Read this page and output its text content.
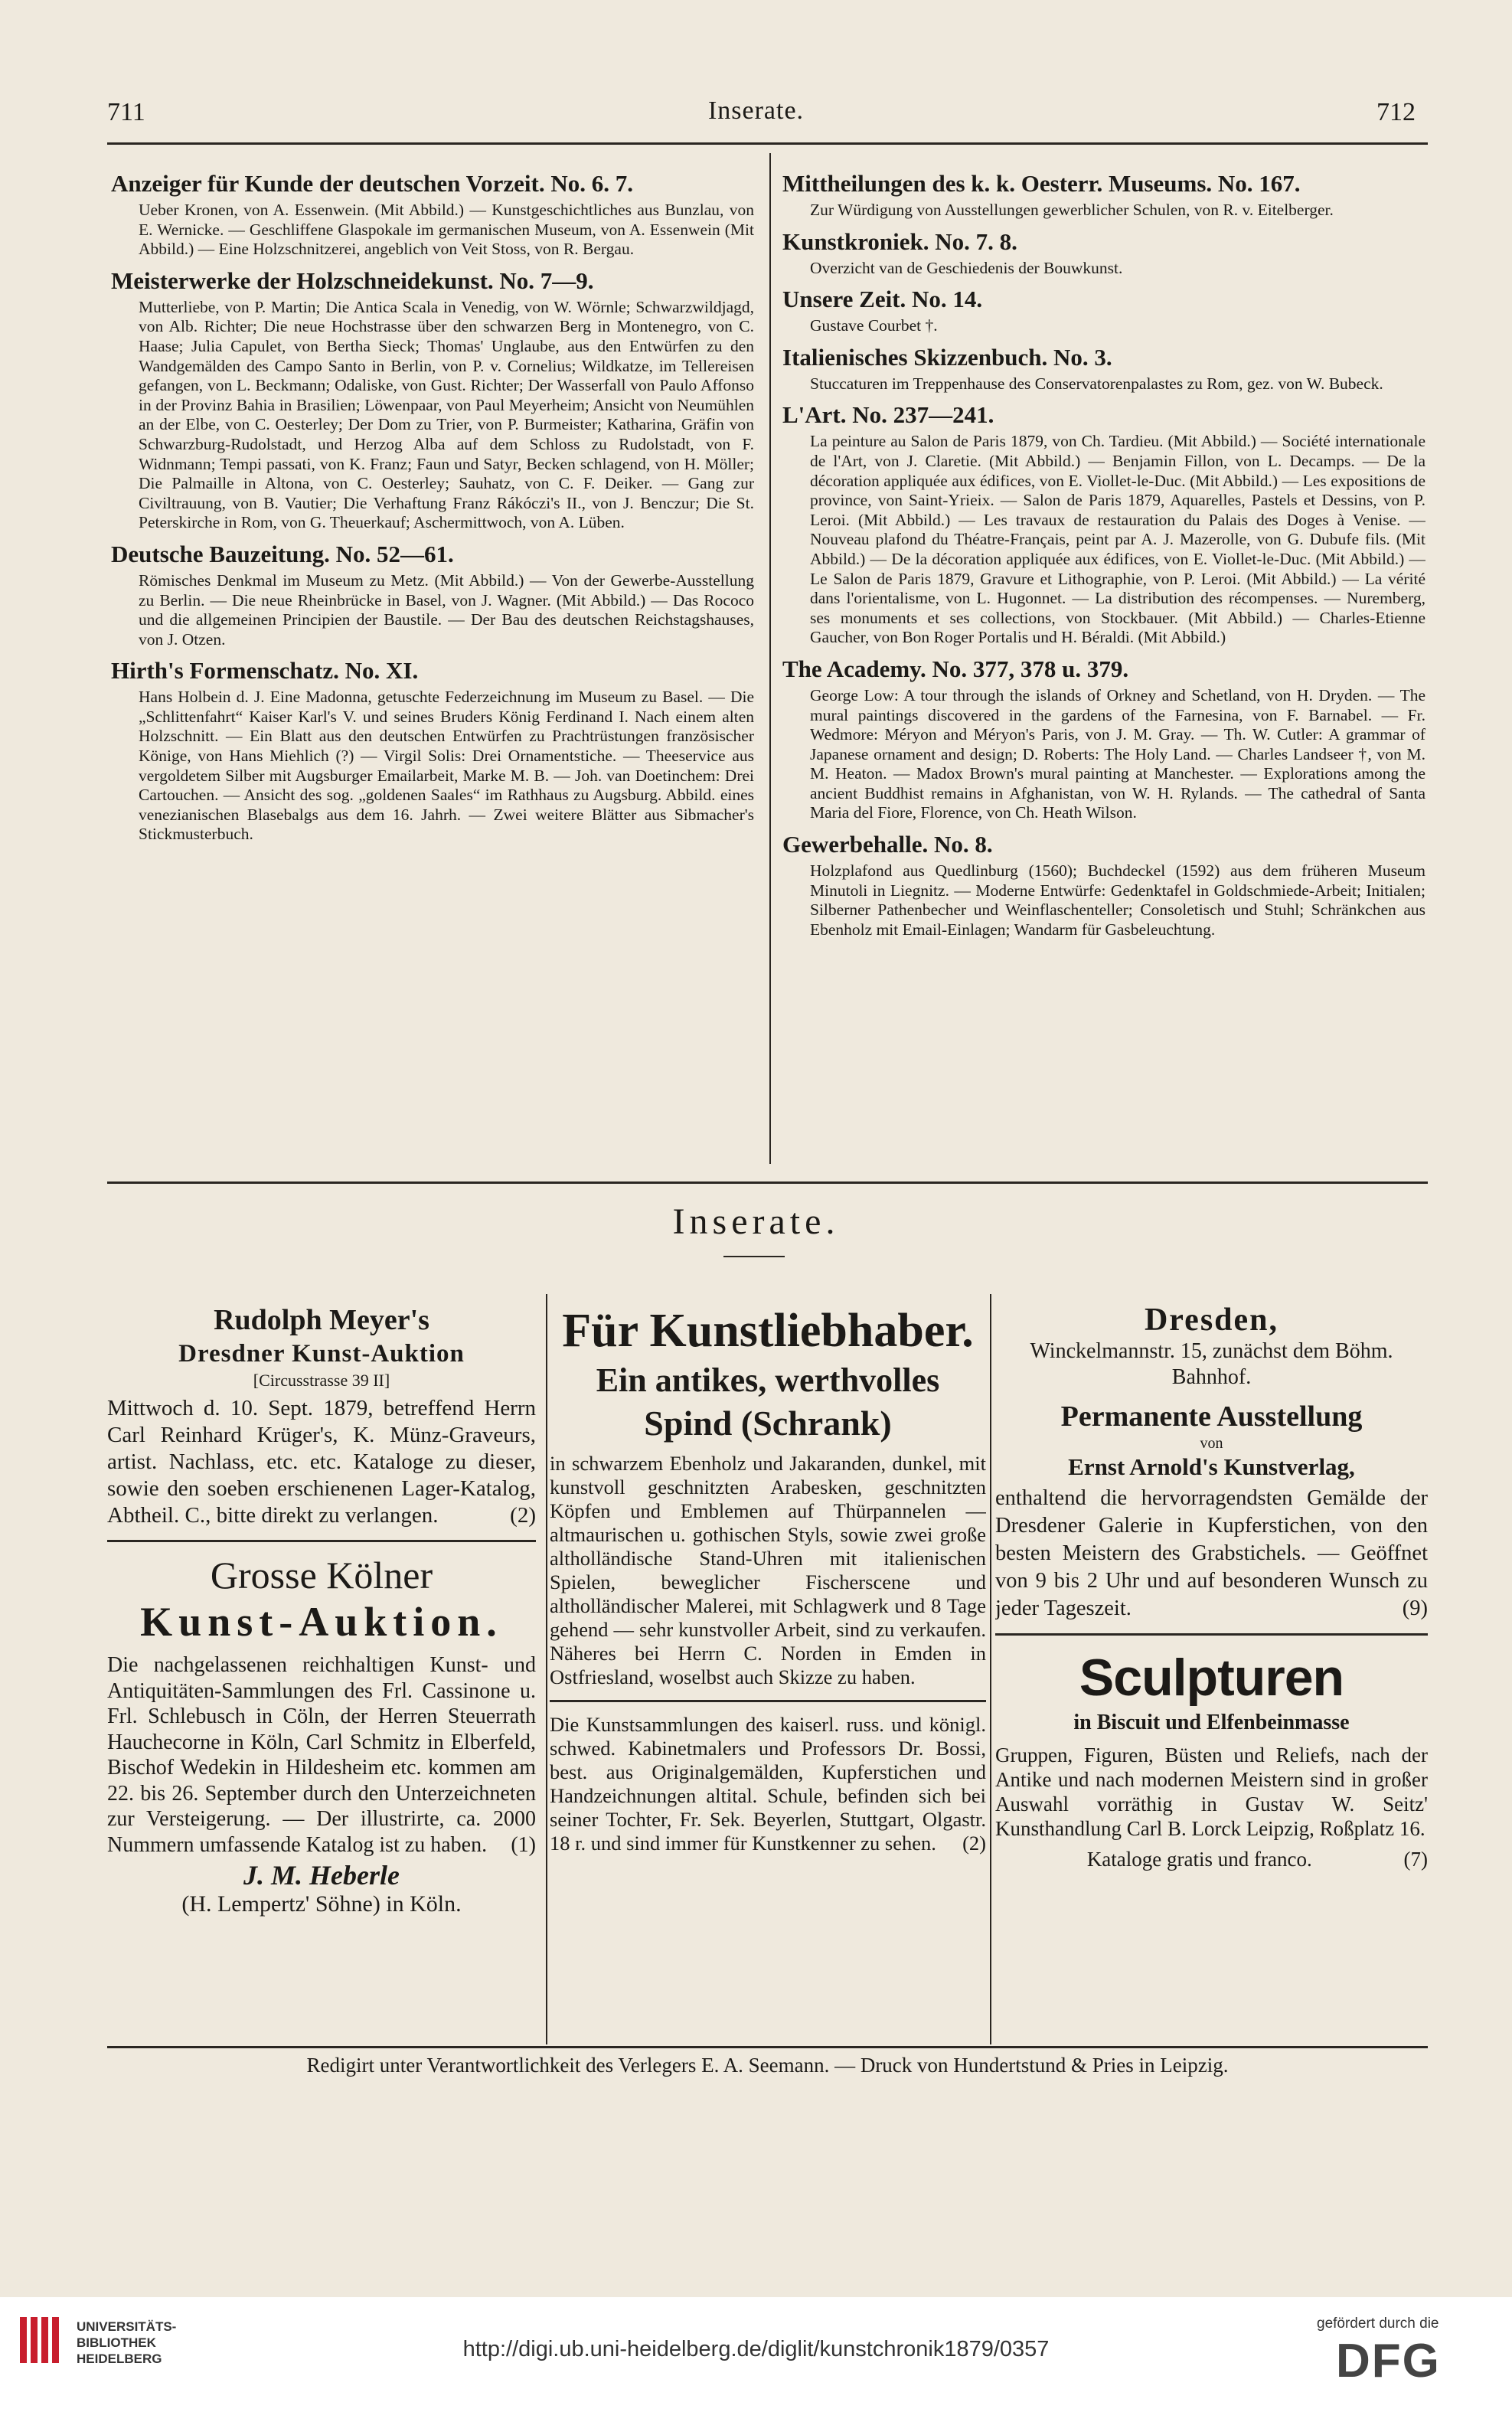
711	Inserate.	712

Anzeiger für Kunde der deutschen Vorzeit. No. 6. 7.

Ueber Kronen, von A. Essenwein. (Mit Abbild.) — Kunstgeschichtliches aus Bunzlau, von E. Wernicke. — Geschliffene Glaspokale im germanischen Museum, von A. Essenwein (Mit Abbild.) — Eine Holzschnitzerei, angeblich von Veit Stoss, von R. Bergau.

Meisterwerke der Holzschneidekunst. No. 7—9.

Mutterliebe, von P. Martin; Die Antica Scala in Venedig, von W. Wörnle; Schwarzwildjagd, von Alb. Richter; Die neue Hochstrasse über den schwarzen Berg in Montenegro, von C. Haase; Julia Capulet, von Bertha Sieck; Thomas' Unglaube, aus den Entwürfen zu den Wandgemälden des Campo Santo in Berlin, von P. v. Cornelius; Wildkatze, im Tellereisen gefangen, von L. Beckmann; Odaliske, von Gust. Richter; Der Wasserfall von Paulo Affonso in der Provinz Bahia in Brasilien; Löwenpaar, von Paul Meyerheim; Ansicht von Neumühlen an der Elbe, von C. Oesterley; Der Dom zu Trier, von P. Burmeister; Katharina, Gräfin von Schwarzburg-Rudolstadt, und Herzog Alba auf dem Schloss zu Rudolstadt, von F. Widnmann; Tempi passati, von K. Franz; Faun und Satyr, Becken schlagend, von H. Möller; Die Palmaille in Altona, von C. Oesterley; Sauhatz, von C. F. Deiker. — Gang zur Civiltrauung, von B. Vautier; Die Verhaftung Franz Rákóczi's II., von J. Benczur; Die St. Peterskirche in Rom, von G. Theuerkauf; Aschermittwoch, von A. Lüben.

Deutsche Bauzeitung. No. 52—61.

Römisches Denkmal im Museum zu Metz. (Mit Abbild.) — Von der Gewerbe-Ausstellung zu Berlin. — Die neue Rheinbrücke in Basel, von J. Wagner. (Mit Abbild.) — Das Rococo und die allgemeinen Principien der Baustile. — Der Bau des deutschen Reichstagshauses, von J. Otzen.

Hirth's Formenschatz. No. XI.

Hans Holbein d. J. Eine Madonna, getuschte Federzeichnung im Museum zu Basel. — Die „Schlittenfahrt“ Kaiser Karl's V. und seines Bruders König Ferdinand I. Nach einem alten Holzschnitt. — Ein Blatt aus den deutschen Entwürfen zu Prachtrüstungen französischer Könige, von Hans Miehlich (?) — Virgil Solis: Drei Ornamentstiche. — Theeservice aus vergoldetem Silber mit Augsburger Emailarbeit, Marke M. B. — Joh. van Doetinchem: Drei Cartouchen. — Ansicht des sog. „goldenen Saales“ im Rathhaus zu Augsburg. Abbild. eines venezianischen Blasebalgs aus dem 16. Jahrh. — Zwei weitere Blätter aus Sibmacher's Stickmusterbuch.

Mittheilungen des k. k. Oesterr. Museums. No. 167.

Zur Würdigung von Ausstellungen gewerblicher Schulen, von R. v. Eitelberger.

Kunstkroniek. No. 7. 8.

Overzicht van de Geschiedenis der Bouwkunst.

Unsere Zeit. No. 14.

Gustave Courbet †.

Italienisches Skizzenbuch. No. 3.

Stuccaturen im Treppenhause des Conservatorenpalastes zu Rom, gez. von W. Bubeck.

L'Art. No. 237—241.

La peinture au Salon de Paris 1879, von Ch. Tardieu. (Mit Abbild.) — Société internationale de l'Art, von J. Claretie. (Mit Abbild.) — Benjamin Fillon, von L. Decamps. — De la décoration appliquée aux édifices, von E. Viollet-le-Duc. (Mit Abbild.) — Les expositions de province, von Saint-Yrieix. — Salon de Paris 1879, Aquarelles, Pastels et Dessins, von P. Leroi. (Mit Abbild.) — Les travaux de restauration du Palais des Doges à Venise. — Nouveau plafond du Théatre-Français, peint par A. J. Mazerolle, von G. Dubufe fils. (Mit Abbild.) — De la décoration appliquée aux édifices, von E. Viollet-le-Duc. (Mit Abbild.) — Le Salon de Paris 1879, Gravure et Lithographie, von P. Leroi. (Mit Abbild.) — La vérité dans l'orientalisme, von L. Hugonnet. — La distribution des récompenses. — Nuremberg, ses monuments et ses collections, von Stockbauer. (Mit Abbild.) — Charles-Etienne Gaucher, von Bon Roger Portalis und H. Béraldi. (Mit Abbild.)

The Academy. No. 377, 378 u. 379.

George Low: A tour through the islands of Orkney and Schetland, von H. Dryden. — The mural paintings discovered in the gardens of the Farnesina, von F. Barnabel. — Fr. Wedmore: Méryon and Méryon's Paris, von J. M. Gray. — Th. W. Cutler: A grammar of Japanese ornament and design; D. Roberts: The Holy Land. — Charles Landseer †, von M. M. Heaton. — Madox Brown's mural painting at Manchester. — Explorations among the ancient Buddhist remains in Afghanistan, von W. H. Rylands. — The cathedral of Santa Maria del Fiore, Florence, von Ch. Heath Wilson.

Gewerbehalle. No. 8.

Holzplafond aus Quedlinburg (1560); Buchdeckel (1592) aus dem früheren Museum Minutoli in Liegnitz. — Moderne Entwürfe: Gedenktafel in Goldschmiede-Arbeit; Initialen; Silberner Pathenbecher und Weinflaschenteller; Consoletisch und Stuhl; Schränkchen aus Ebenholz mit Email-Einlagen; Wandarm für Gasbeleuchtung.

Inserate.

Rudolph Meyer's

Dresdner Kunst-Auktion

[Circusstrasse 39 II]

Mittwoch d. 10. Sept. 1879, betreffend Herrn Carl Reinhard Krüger's, K. Münz-Graveurs, artist. Nachlass, etc. etc. Kataloge zu dieser, sowie den soeben erschienenen Lager-Katalog, Abtheil. C., bitte direkt zu verlangen.	(2)

Grosse Kölner

Kunst-Auktion.

Die nachgelassenen reichhaltigen Kunst- und Antiquitäten-Sammlungen des Frl. Cassinone u. Frl. Schlebusch in Cöln, der Herren Steuerrath Hauchecorne in Köln, Carl Schmitz in Elberfeld, Bischof Wedekin in Hildesheim etc. kommen am 22. bis 26. September durch den Unterzeichneten zur Versteigerung. — Der illustrirte, ca. 2000 Nummern umfassende Katalog ist zu haben. (1)

J. M. Heberle

(H. Lempertz' Söhne) in Köln.

Für Kunstliebhaber.

Ein antikes, werthvolles

Spind (Schrank)

in schwarzem Ebenholz und Jakaranden, dunkel, mit kunstvoll geschnitzten Arabesken, geschnitzten Köpfen und Emblemen auf Thürpannelen — altmaurischen u. gothischen Styls, sowie zwei große altholländische Stand-Uhren mit italienischen Spielen, beweglicher Fischerscene und altholländischer Malerei, mit Schlagwerk und 8 Tage gehend — sehr kunstvoller Arbeit, sind zu verkaufen. Näheres bei Herrn C. Norden in Emden in Ostfriesland, woselbst auch Skizze zu haben.

Die Kunstsammlungen des kaiserl. russ. und königl. schwed. Kabinetmalers und Professors Dr. Bossi, best. aus Originalgemälden, Kupferstichen und Handzeichnungen altital. Schule, befinden sich bei seiner Tochter, Fr. Sek. Beyerlen, Stuttgart, Olgastr. 18 r. und sind immer für Kunstkenner zu sehen. (2)

Dresden,

Winckelmannstr. 15, zunächst dem Böhm. Bahnhof.

Permanente Ausstellung

von

Ernst Arnold's Kunstverlag,

enthaltend die hervorragendsten Gemälde der Dresdener Galerie in Kupferstichen, von den besten Meistern des Grabstichels. — Geöffnet von 9 bis 2 Uhr und auf besonderen Wunsch zu jeder Tageszeit.	(9)

Sculpturen

in Biscuit und Elfenbeinmasse

Gruppen, Figuren, Büsten und Reliefs, nach der Antike und nach modernen Meistern sind in großer Auswahl vorräthig in Gustav W. Seitz' Kunsthandlung Carl B. Lorck Leipzig, Roßplatz 16.

Kataloge gratis und franco.	(7)

Redigirt unter Verantwortlichkeit des Verlegers E. A. Seemann. — Druck von Hundertstund & Pries in Leipzig.
UNIVERSITÄTS-
BIBLIOTHEK
HEIDELBERG	http://digi.ub.uni-heidelberg.de/diglit/kunstchronik1879/0357
gefördert durch die
DFG
